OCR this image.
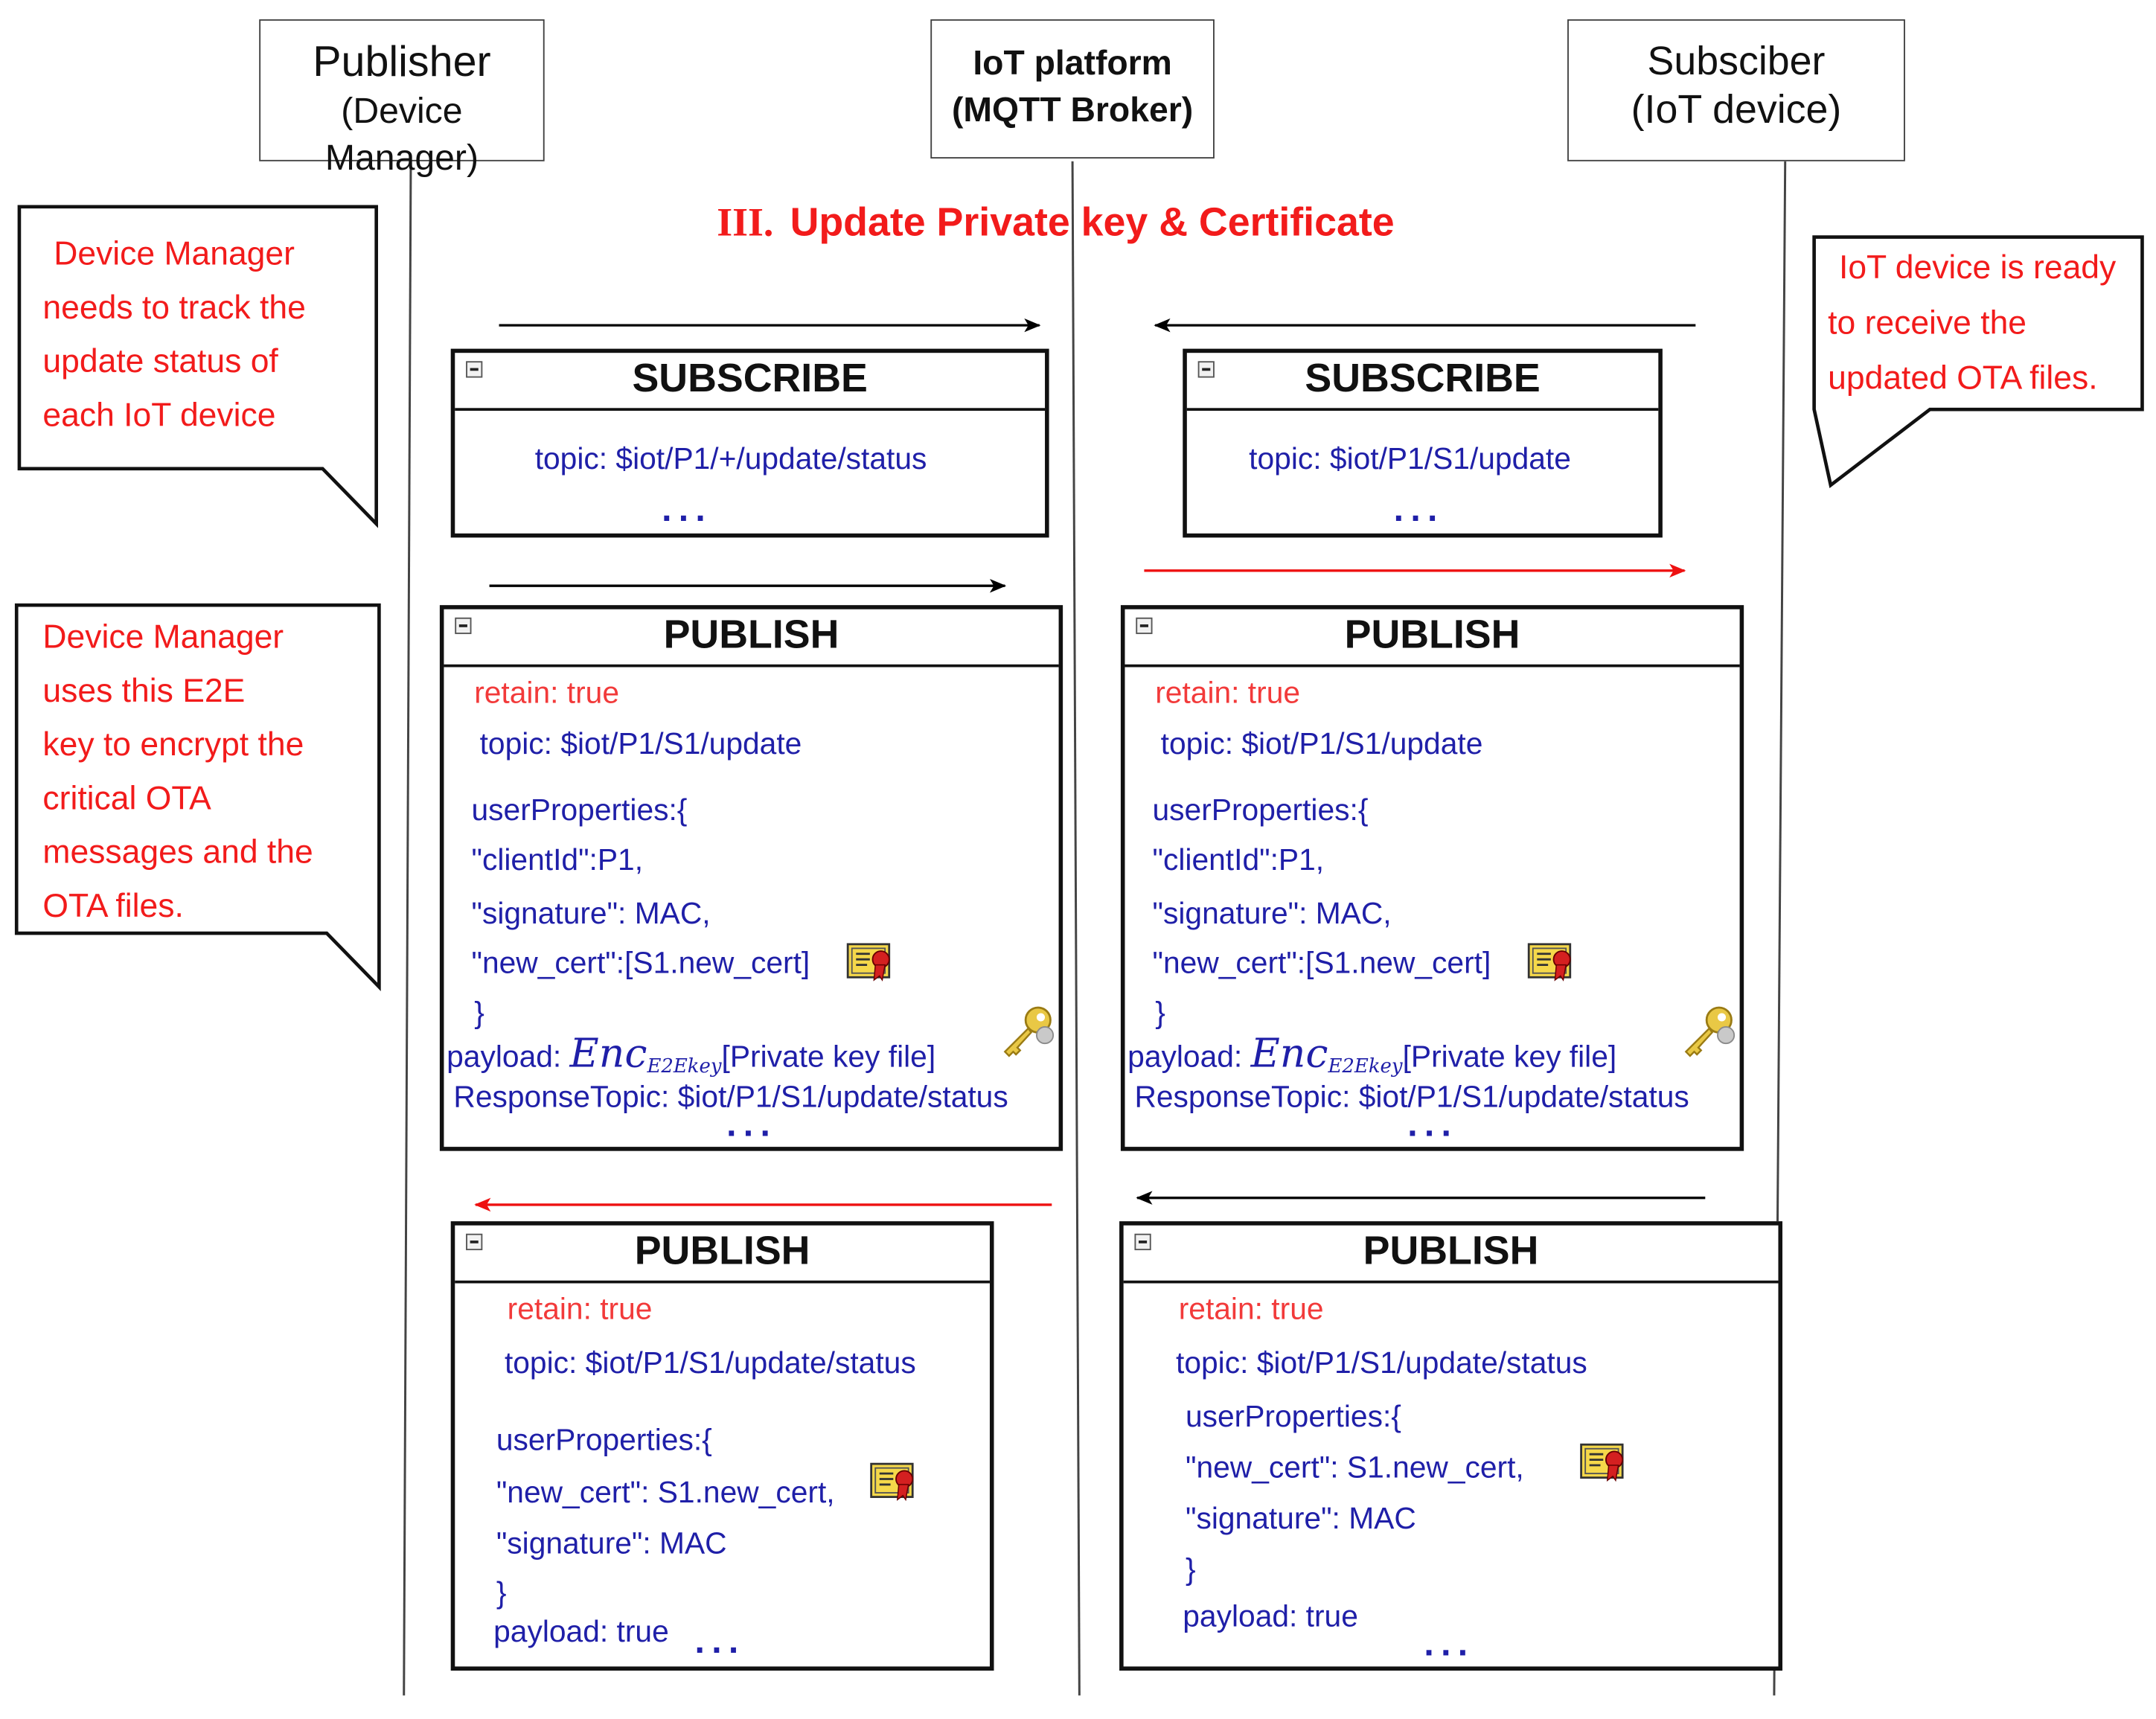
Publisher
(Device Manager)
IoT platform
(MQTT Broker)
Subsciber
(IoT device)
III. Update Private key & Certificate
Device Manager
needs to track the
update status of
each IoT device
IoT device is ready
to receive the
updated OTA files.
Device Manager
uses this E2E
key to encrypt the
critical OTA
messages and the
OTA files.
SUBSCRIBE
topic: $iot/P1/+/update/status
...
SUBSCRIBE
topic: $iot/P1/S1/update
...
PUBLISH
retain: true
topic: $iot/P1/S1/update
userProperties:{
"clientId":P1,
"signature": MAC,
"new_cert":[S1.new_cert]
}
payload: Enc$_{E2Ekey}$[Private key file]
ResponseTopic: $iot/P1/S1/update/status
...
PUBLISH
retain: true
topic: $iot/P1/S1/update
userProperties:{
"clientId":P1,
"signature": MAC,
"new_cert":[S1.new_cert]
}
payload: Enc$_{E2Ekey}$[Private key file]
ResponseTopic: $iot/P1/S1/update/status
...
PUBLISH
retain: true
topic: $iot/P1/S1/update/status
userProperties:{
"new_cert": S1.new_cert,
"signature": MAC
}
payload: true ...
PUBLISH
retain: true
topic: $iot/P1/S1/update/status
userProperties:{
"new_cert": S1.new_cert,
"signature": MAC
}
payload: true
...
